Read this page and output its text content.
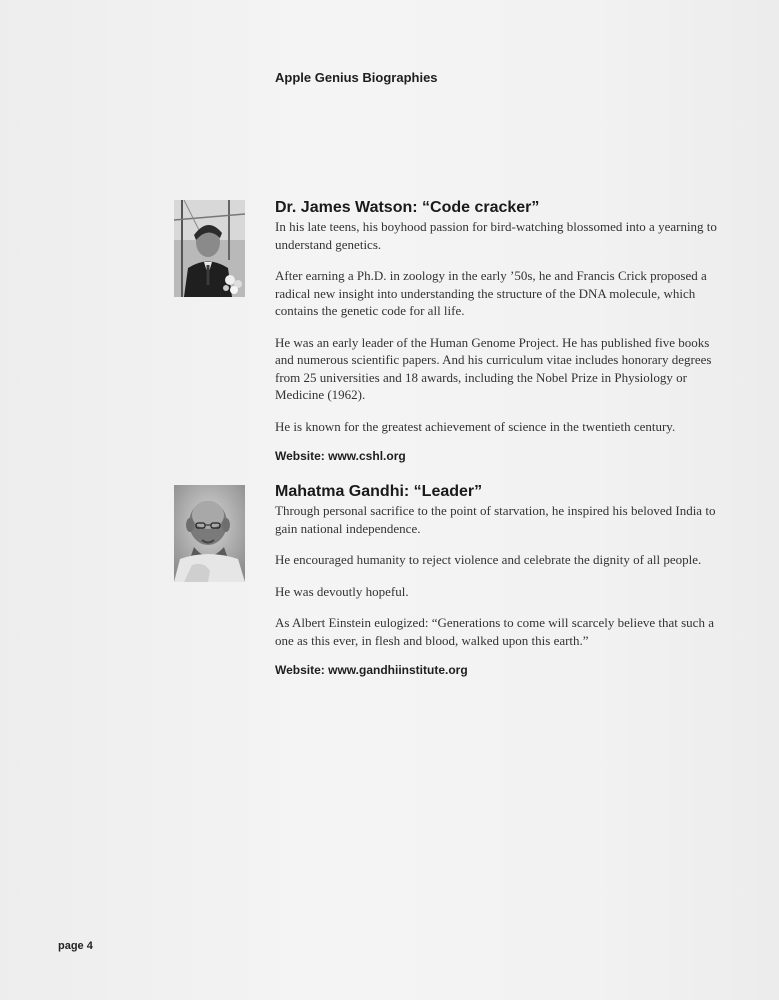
Apple Genius Biographies
Dr. James Watson: “Code cracker”

In his late teens, his boyhood passion for bird-watching blossomed into a yearning to understand genetics.

After earning a Ph.D. in zoology in the early ’50s, he and Francis Crick proposed a radical new insight into understanding the structure of the DNA molecule, which contains the genetic code for all life.

He was an early leader of the Human Genome Project. He has published five books and numerous scientific papers. And his curriculum vitae includes honorary degrees from 25 universities and 18 awards, including the Nobel Prize in Physiology or Medicine (1962).

He is known for the greatest achievement of science in the twentieth century.

Website: www.cshl.org

Mahatma Gandhi: “Leader”

Through personal sacrifice to the point of starvation, he inspired his beloved India to gain national independence.

He encouraged humanity to reject violence and celebrate the dignity of all people.

He was devoutly hopeful.

As Albert Einstein eulogized: “Generations to come will scarcely believe that such a one as this ever, in flesh and blood, walked upon this earth.”

Website: www.gandhiinstitute.org

page 4
